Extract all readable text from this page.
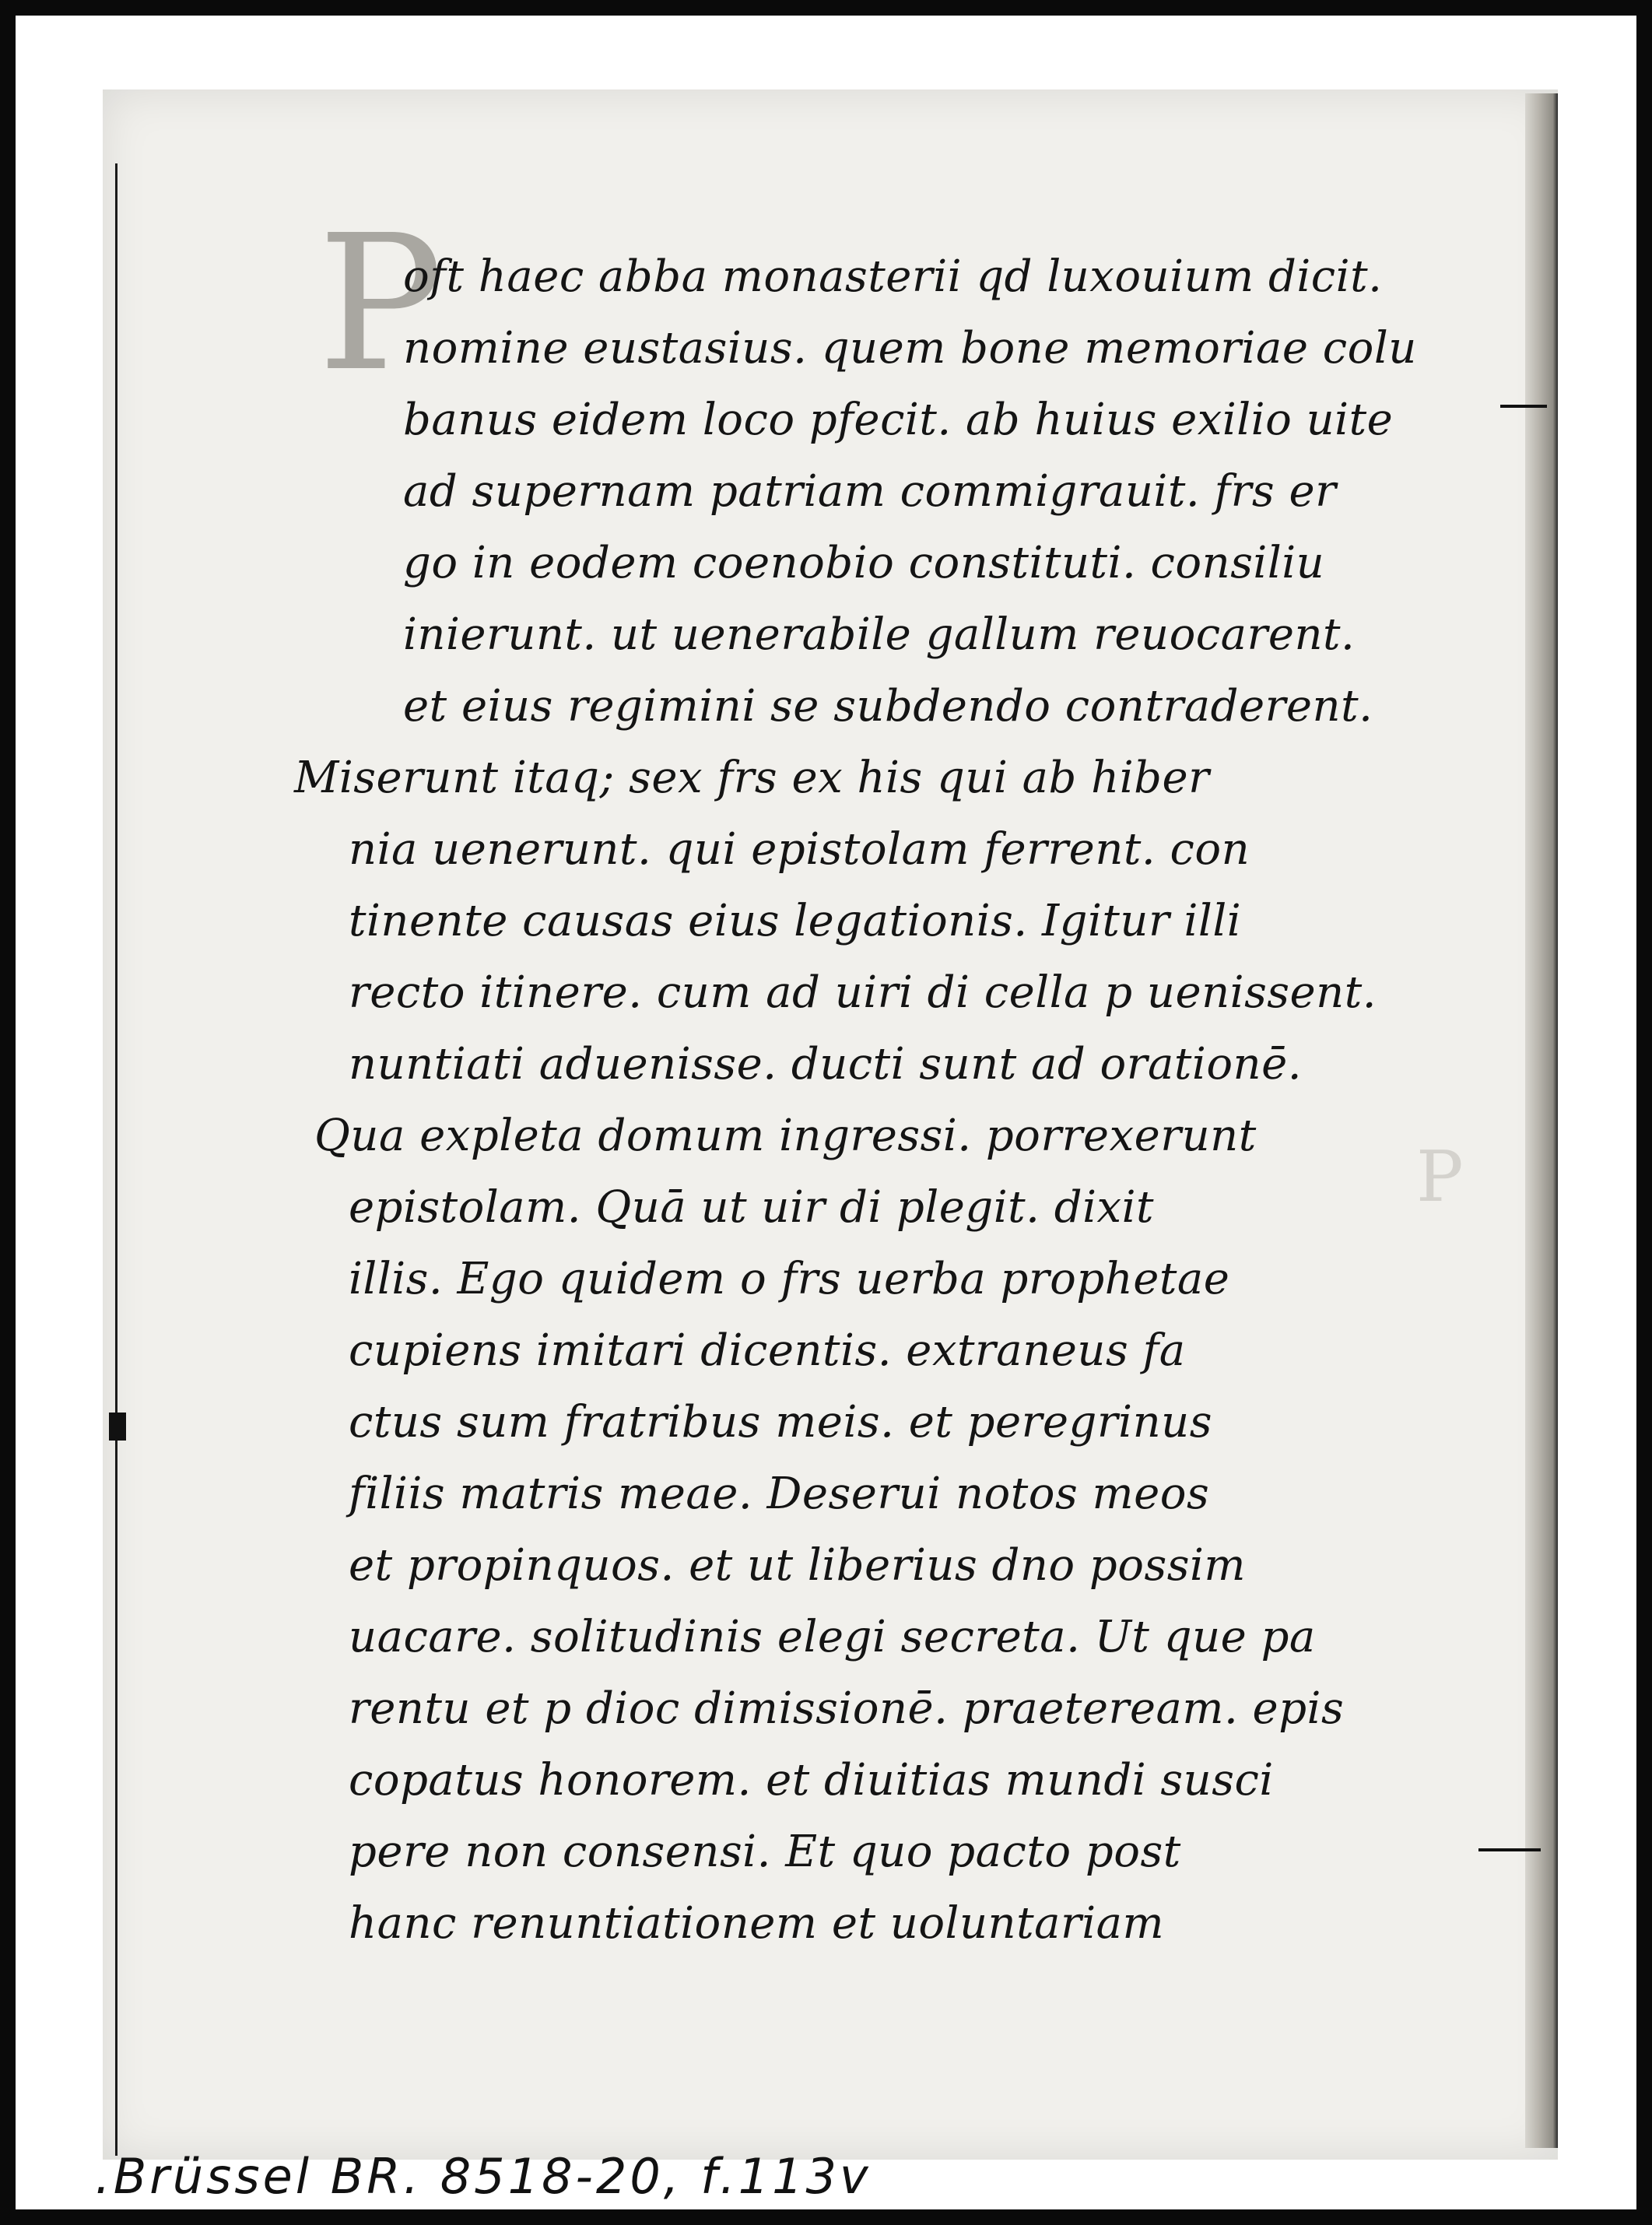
P
oft haec abba monasterii qd luxouium dicit.
nomine eustasius. quem bone memoriae colu
banus eidem loco pfecit. ab huius exilio uite
ad supernam patriam commigrauit. frs er
go in eodem coenobio constituti. consiliu
inierunt. ut uenerabile gallum reuocarent.
et eius regimini se subdendo contraderent.
Miserunt itaq; sex frs ex his qui ab hiber
nia uenerunt. qui epistolam ferrent. con
tinente causas eius legationis. Igitur illi
recto itinere. cum ad uiri di cella p uenissent.
nuntiati aduenisse. ducti sunt ad orationē.
Qua expleta domum ingressi. porrexerunt
epistolam. Quā ut uir di plegit. dixit
illis. Ego quidem o frs uerba prophetae
cupiens imitari dicentis. extraneus fa
ctus sum fratribus meis. et peregrinus
filiis matris meae. Deserui notos meos
et propinquos. et ut liberius dno possim
uacare. solitudinis elegi secreta. Ut que pa
rentu et p dioc dimissionē. praeteream. epis
copatus honorem. et diuitias mundi susci
pere non consensi. Et quo pacto post
hanc renuntiationem et uoluntariam
P
.Brüssel BR. 8518-20, f.113v
